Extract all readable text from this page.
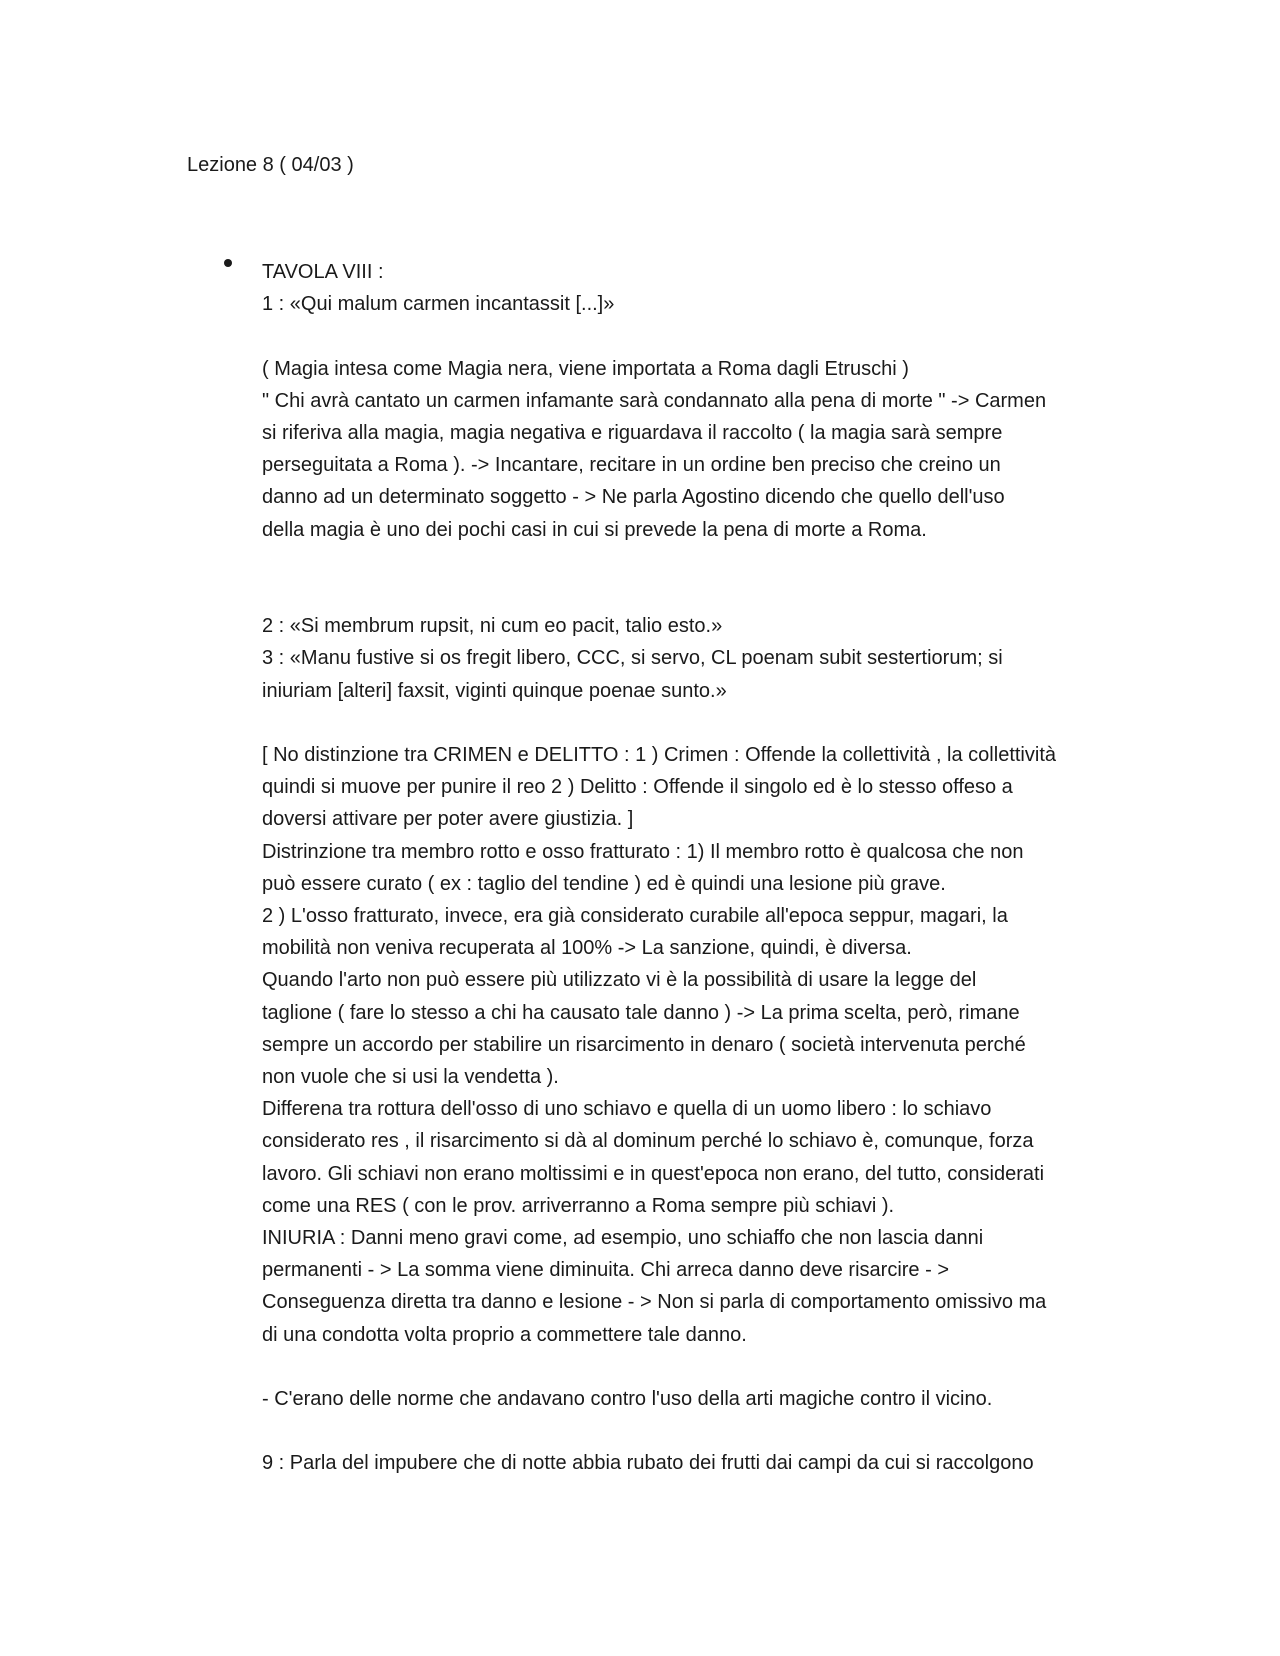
Lezione 8 ( 04/03 )
TAVOLA VIII :
1 : «Qui malum carmen incantassit [...]»
( Magia intesa come Magia nera, viene importata a Roma dagli Etruschi )
" Chi avrà cantato un carmen infamante sarà condannato alla pena di morte " -> Carmen
si riferiva alla magia, magia negativa e riguardava il raccolto ( la magia sarà sempre
perseguitata a Roma ). -> Incantare, recitare in un ordine ben preciso che creino un
danno ad un determinato soggetto - > Ne parla Agostino dicendo che quello dell'uso
della magia è uno dei pochi casi in cui si prevede la pena di morte a Roma.
2 : «Si membrum rupsit, ni cum eo pacit, talio esto.»
3 : «Manu fustive si os fregit libero, CCC, si servo, CL poenam subit sestertiorum; si
iniuriam [alteri] faxsit, viginti quinque poenae sunto.»
[ No distinzione tra CRIMEN e DELITTO : 1 ) Crimen : Offende la collettività , la collettività
quindi si muove per punire il reo 2 ) Delitto : Offende il singolo ed è lo stesso offeso a
doversi attivare per poter avere giustizia. ]
Distrinzione tra membro rotto e osso fratturato : 1) Il membro rotto è qualcosa che non
può essere curato ( ex : taglio del tendine ) ed è quindi una lesione più grave.
2 ) L'osso fratturato, invece, era già considerato curabile all'epoca seppur, magari, la
mobilità non veniva recuperata al 100% -> La sanzione, quindi, è diversa.
Quando l'arto non può essere più utilizzato vi è la possibilità di usare la legge del
taglione ( fare lo stesso a chi ha causato tale danno ) -> La prima scelta, però, rimane
sempre un accordo per stabilire un risarcimento in denaro ( società intervenuta perché
non vuole che si usi la vendetta ).
Differena tra rottura dell'osso di uno schiavo e quella di un uomo libero : lo schiavo
considerato res , il risarcimento si dà al dominum perché lo schiavo è, comunque, forza
lavoro. Gli schiavi non erano moltissimi e in quest'epoca non erano, del tutto, considerati
come una RES ( con le prov. arriverranno a Roma sempre più schiavi ).
INIURIA : Danni meno gravi come, ad esempio, uno schiaffo che non lascia danni
permanenti - > La somma viene diminuita. Chi arreca danno deve risarcire - >
Conseguenza diretta tra danno e lesione - > Non si parla di comportamento omissivo ma
di una condotta volta proprio a commettere tale danno.
- C'erano delle norme che andavano contro l'uso della arti magiche contro il vicino.
9 : Parla del impubere che di notte abbia rubato dei frutti dai campi da cui si raccolgono
